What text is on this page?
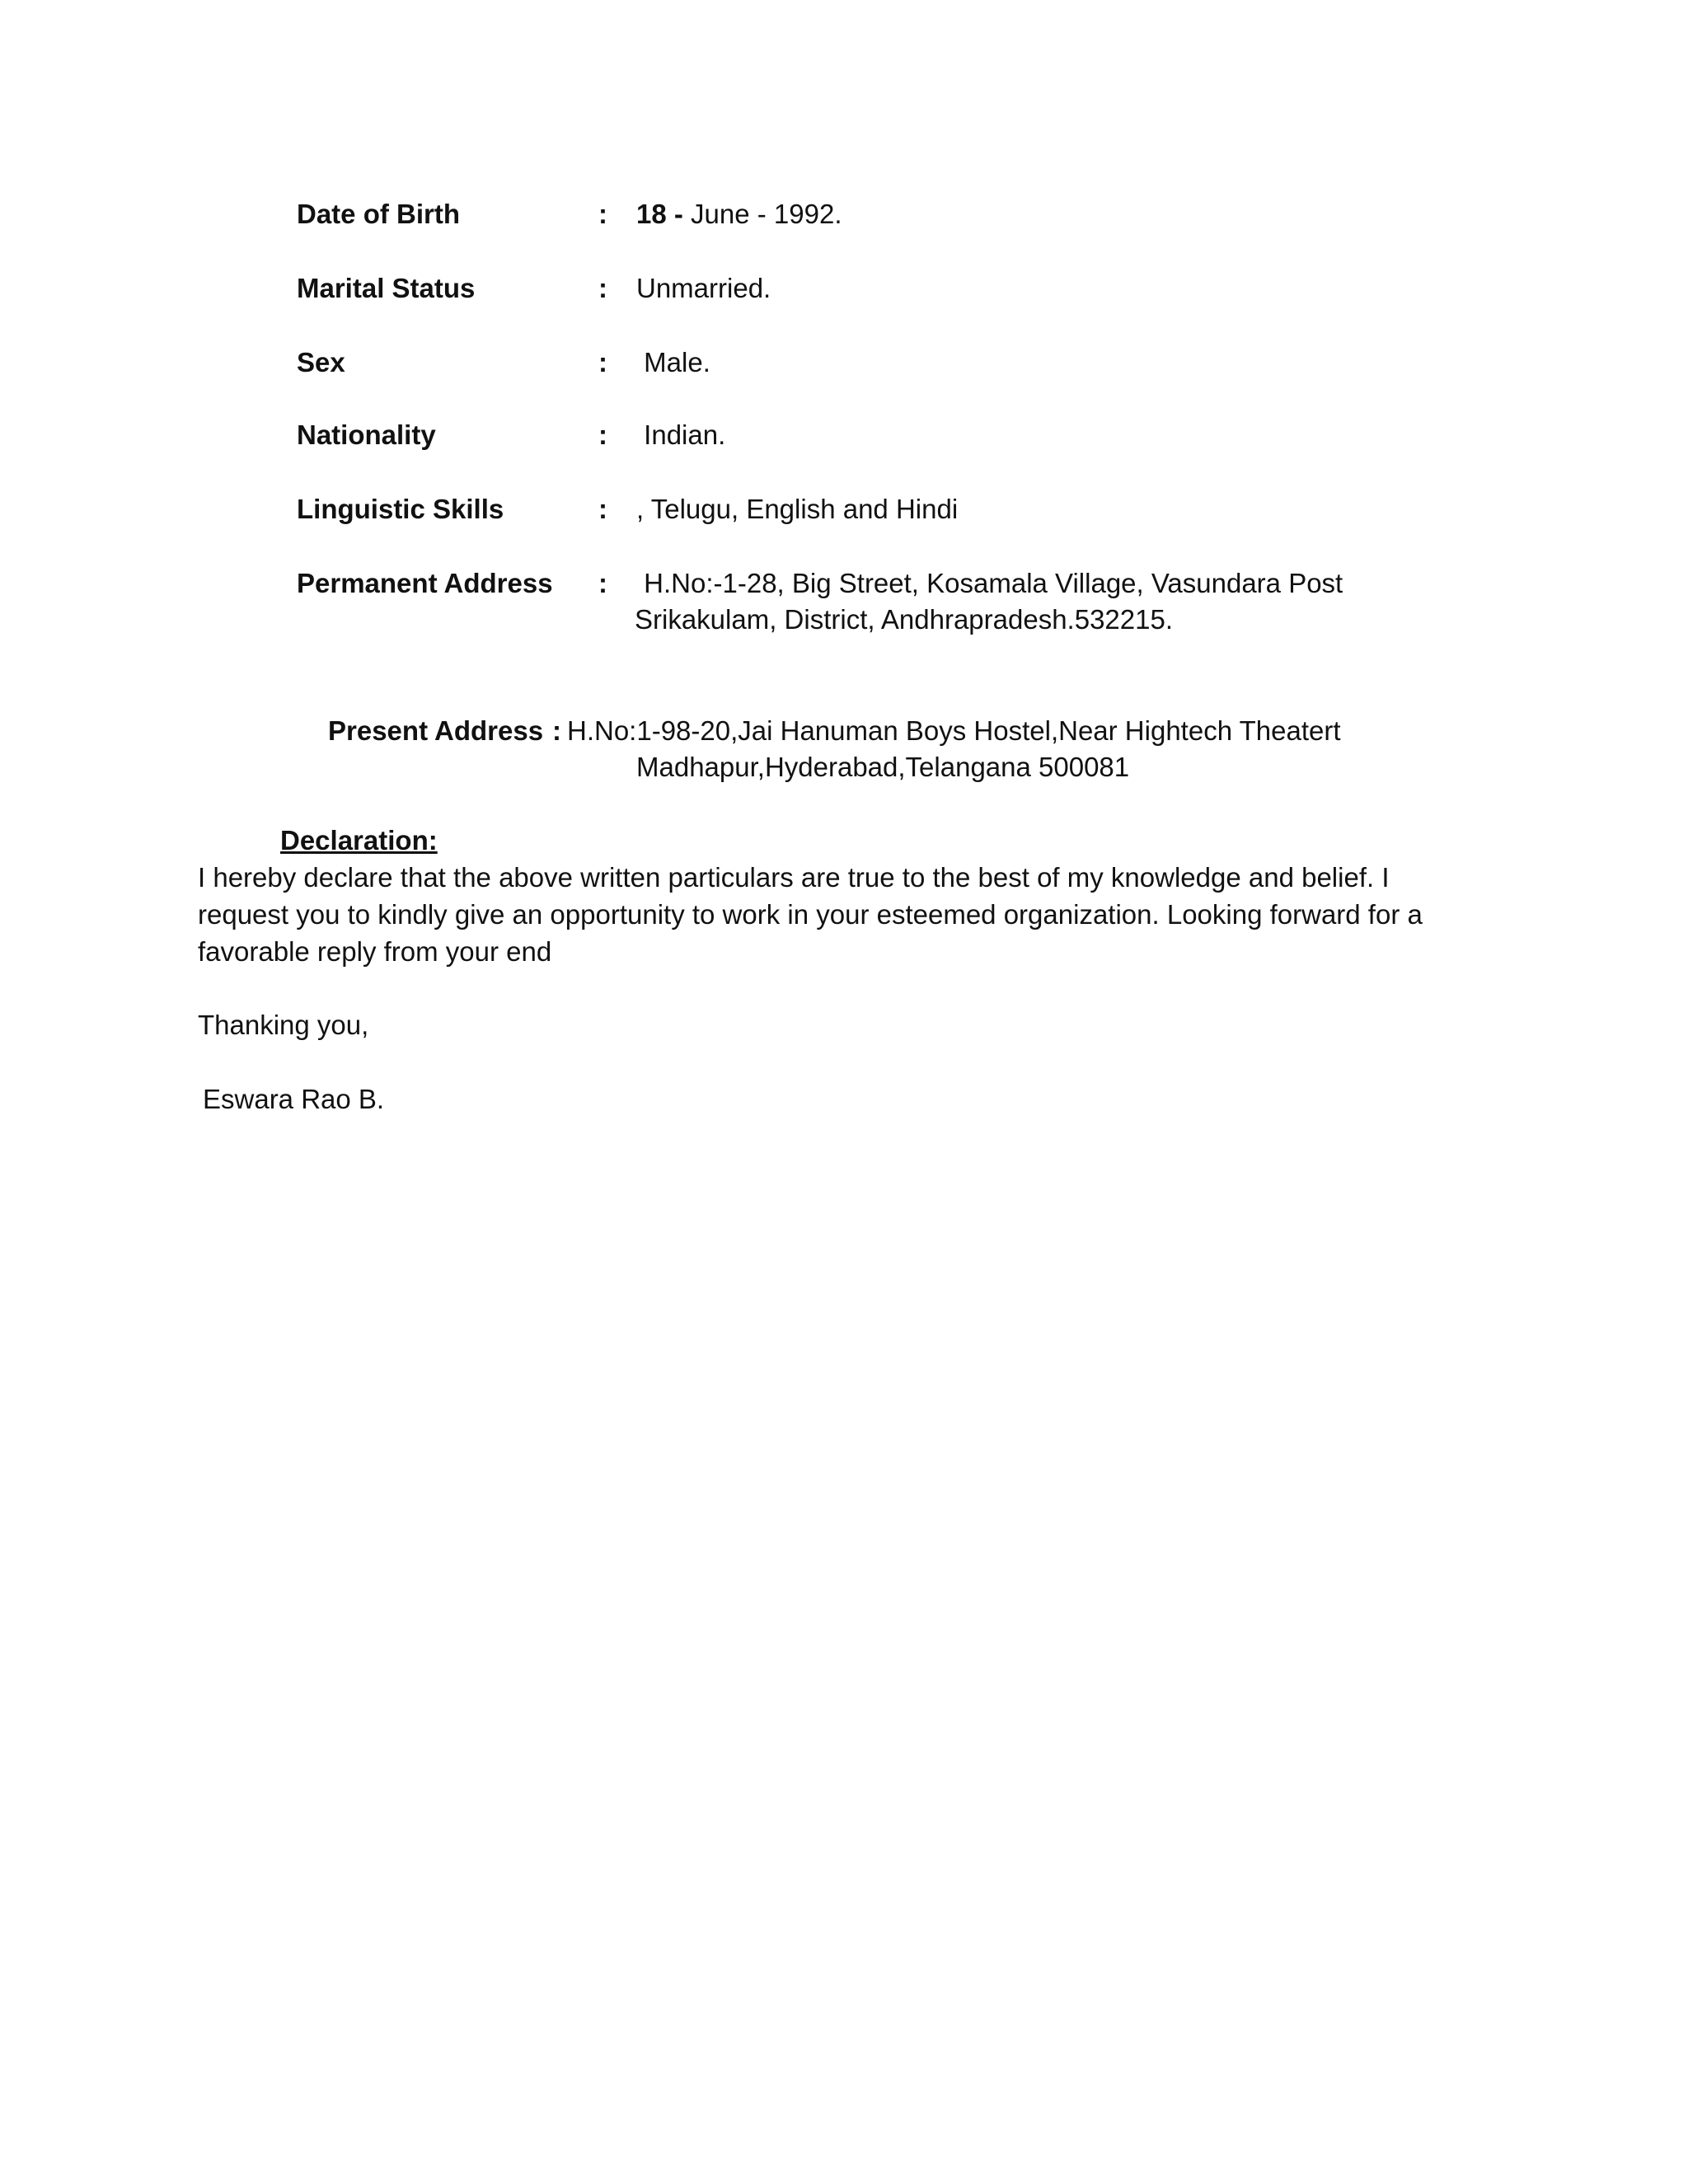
Date of Birth	: 18 - June - 1992.
Marital Status	: Unmarried.
Sex	: Male.
Nationality	: Indian.
Linguistic Skills	: , Telugu, English and Hindi
Permanent Address : H.No:-1-28, Big Street, Kosamala Village, Vasundara Post
Srikakulam, District, Andhrapradesh.532215.
Present Address : H.No:1-98-20,Jai Hanuman Boys Hostel,Near Hightech Theatert
Madhapur,Hyderabad,Telangana 500081
Declaration:
I hereby declare that the above written particulars are true to the best of my knowledge and belief. I request you to kindly give an opportunity to work in your esteemed organization. Looking forward for a favorable reply from your end
Thanking you,
Eswara Rao B.
